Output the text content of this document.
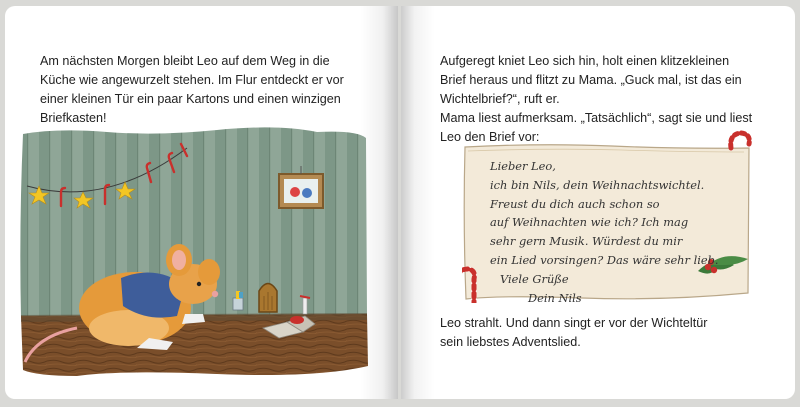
Am nächsten Morgen bleibt Leo auf dem Weg in die
Küche wie angewurzelt stehen. Im Flur entdeckt er vor
einer kleinen Tür ein paar Kartons und einen winzigen
Briefkasten!

Aufgeregt kniet Leo sich hin, holt einen klitzekleinen
Brief heraus und flitzt zu Mama. „Guck mal, ist das ein
Wichtelbrief?“, ruft er.
Mama liest aufmerksam. „Tatsächlich“, sagt sie und liest
Leo den Brief vor:

Lieber Leo,
ich bin Nils, dein Weihnachtswichtel.
Freust du dich auch schon so
auf Weihnachten wie ich? Ich mag
sehr gern Musik. Würdest du mir
ein Lied vorsingen? Das wäre sehr lieb.
Viele Grüße
Dein Nils

Leo strahlt. Und dann singt er vor der Wichteltür
sein liebstes Adventslied.
